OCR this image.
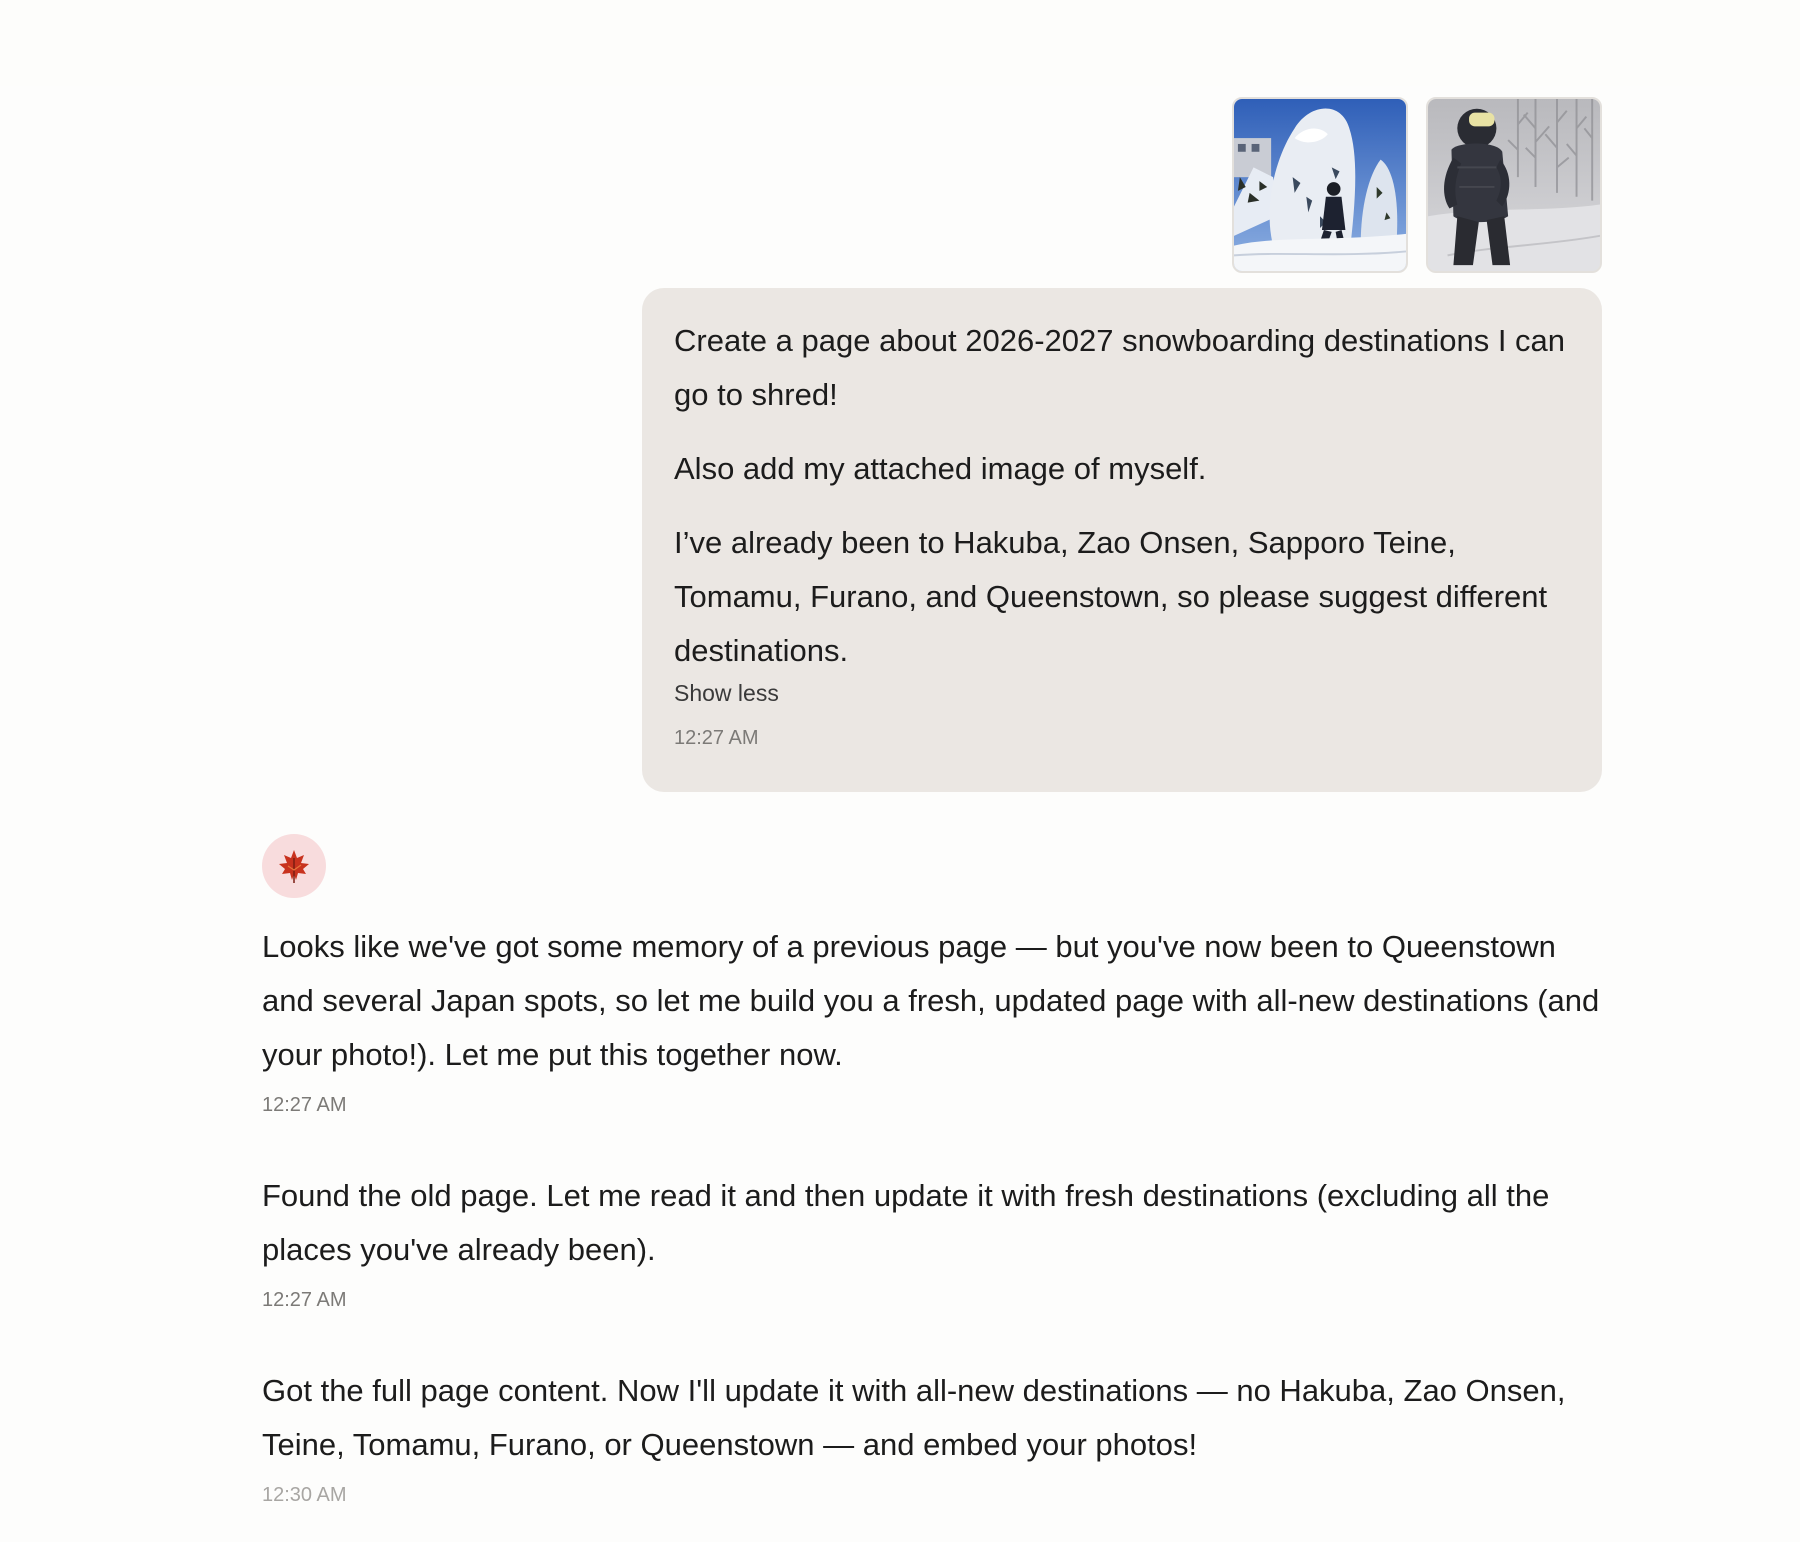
Create a page about 2026-2027 snowboarding destinations I can go to shred!

Also add my attached image of myself.

I’ve already been to Hakuba, Zao Onsen, Sapporo Teine, Tomamu, Furano, and Queenstown, so please suggest different destinations.

Show less
12:27 AM

Looks like we've got some memory of a previous page — but you've now been to Queenstown and several Japan spots, so let me build you a fresh, updated page with all-new destinations (and your photo!). Let me put this together now.

12:27 AM

Found the old page. Let me read it and then update it with fresh destinations (excluding all the places you've already been).

12:27 AM

Got the full page content. Now I'll update it with all-new destinations — no Hakuba, Zao Onsen, Teine, Tomamu, Furano, or Queenstown — and embed your photos!

12:30 AM
